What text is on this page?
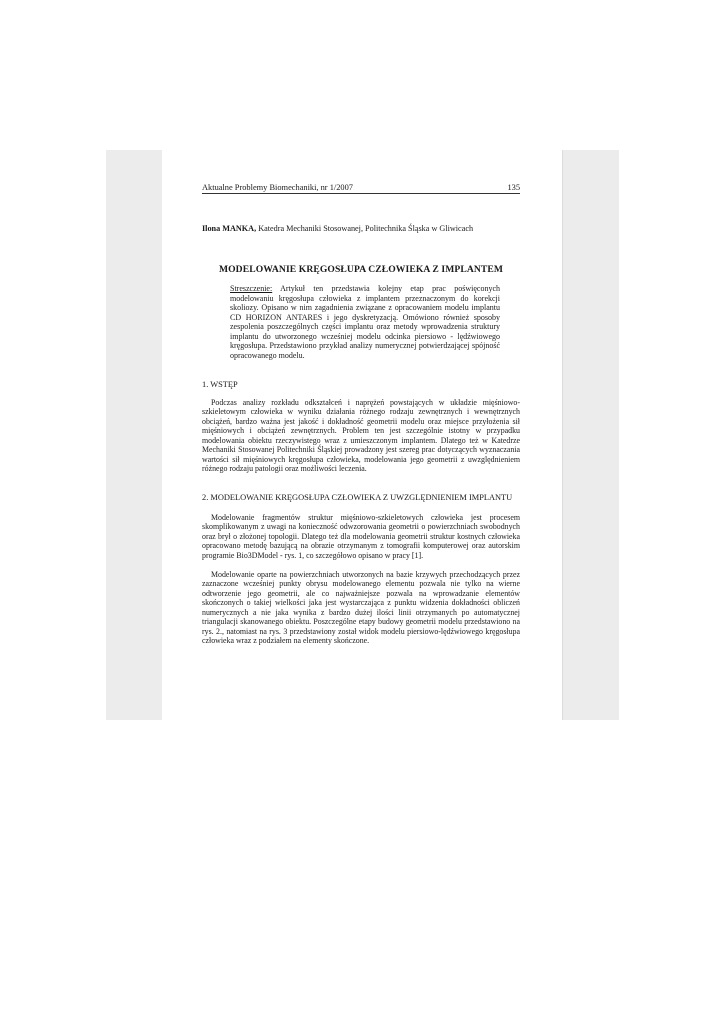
Aktualne Problemy Biomechaniki, nr 1/2007	135
Ilona MANKA, Katedra Mechaniki Stosowanej, Politechnika Śląska w Gliwicach
MODELOWANIE KRĘGOSŁUPA CZŁOWIEKA Z IMPLANTEM
Streszczenie: Artykuł ten przedstawia kolejny etap prac poświęconych modelowaniu kręgosłupa człowieka z implantem przeznaczonym do korekcji skoliozy. Opisano w nim zagadnienia związane z opracowaniem modelu implantu CD HORIZON ANTARES i jego dyskretyzacją. Omówiono również sposoby zespolenia poszczególnych części implantu oraz metody wprowadzenia struktury implantu do utworzonego wcześniej modelu odcinka piersiowo - lędźwiowego kręgosłupa. Przedstawiono przykład analizy numerycznej potwierdzającej spójność opracowanego modelu.
1. WSTĘP
Podczas analizy rozkładu odkształceń i naprężeń powstających w układzie mięśniowo-szkieletowym człowieka w wyniku działania różnego rodzaju zewnętrznych i wewnętrznych obciążeń, bardzo ważna jest jakość i dokładność geometrii modelu oraz miejsce przyłożenia sił mięśniowych i obciążeń zewnętrznych. Problem ten jest szczególnie istotny w przypadku modelowania obiektu rzeczywistego wraz z umieszczonym implantem. Dlatego też w Katedrze Mechaniki Stosowanej Politechniki Śląskiej prowadzony jest szereg prac dotyczących wyznaczania wartości sił mięśniowych kręgosłupa człowieka, modelowania jego geometrii z uwzględnieniem różnego rodzaju patologii oraz możliwości leczenia.
2. MODELOWANIE KRĘGOSŁUPA CZŁOWIEKA Z UWZGLĘDNIENIEM IMPLANTU
Modelowanie fragmentów struktur mięśniowo-szkieletowych człowieka jest procesem skomplikowanym z uwagi na konieczność odwzorowania geometrii o powierzchniach swobodnych oraz brył o złożonej topologii. Dlatego też dla modelowania geometrii struktur kostnych człowieka opracowano metodę bazującą na obrazie otrzymanym z tomografii komputerowej oraz autorskim programie Bio3DModel - rys. 1, co szczegółowo opisano w pracy [1].
Modelowanie oparte na powierzchniach utworzonych na bazie krzywych przechodzących przez zaznaczone wcześniej punkty obrysu modelowanego elementu pozwala nie tylko na wierne odtworzenie jego geometrii, ale co najważniejsze pozwala na wprowadzanie elementów skończonych o takiej wielkości jaka jest wystarczająca z punktu widzenia dokładności obliczeń numerycznych a nie jaka wynika z bardzo dużej ilości linii otrzymanych po automatycznej triangulacji skanowanego obiektu. Poszczególne etapy budowy geometrii modelu przedstawiono na rys. 2., natomiast na rys. 3 przedstawiony został widok modelu piersiowo-lędźwiowego kręgosłupa człowieka wraz z podziałem na elementy skończone.
